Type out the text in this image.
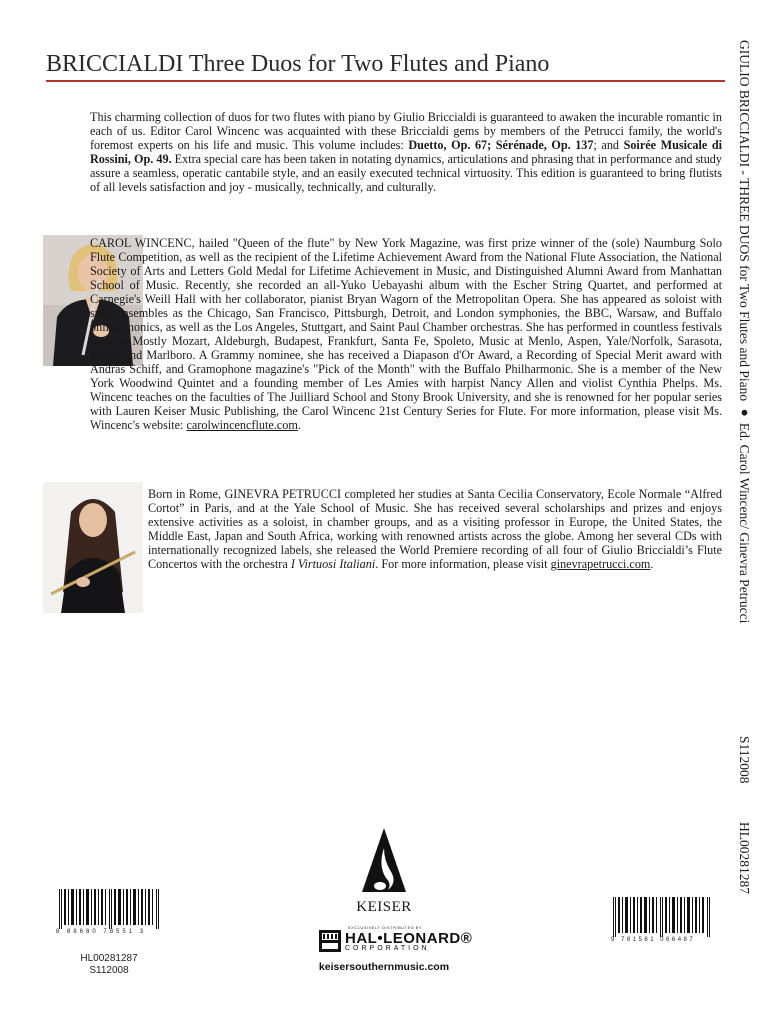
BRICCIALDI Three Duos for Two Flutes and Piano
This charming collection of duos for two flutes with piano by Giulio Briccialdi is guaranteed to awaken the incurable romantic in each of us. Editor Carol Wincenc was acquainted with these Briccialdi gems by members of the Petrucci family, the world's foremost experts on his life and music. This volume includes: Duetto, Op. 67; Sérénade, Op. 137; and Soirée Musicale di Rossini, Op. 49. Extra special care has been taken in notating dynamics, articulations and phrasing that in performance and study assure a seamless, operatic cantabile style, and an easily executed technical virtuosity. This edition is guaranteed to bring flutists of all levels satisfaction and joy - musically, technically, and culturally.
CAROL WINCENC, hailed "Queen of the flute" by New York Magazine, was first prize winner of the (sole) Naumburg Solo Flute Competition, as well as the recipient of the Lifetime Achievement Award from the National Flute Association, the National Society of Arts and Letters Gold Medal for Lifetime Achievement in Music, and Distinguished Alumni Award from Manhattan School of Music. Recently, she recorded an all-Yuko Uebayashi album with the Escher String Quartet, and performed at Carnegie's Weill Hall with her collaborator, pianist Bryan Wagorn of the Metropolitan Opera. She has appeared as soloist with such ensembles as the Chicago, San Francisco, Pittsburgh, Detroit, and London symphonies, the BBC, Warsaw, and Buffalo philharmonics, as well as the Los Angeles, Stuttgart, and Saint Paul Chamber orchestras. She has performed in countless festivals such as Mostly Mozart, Aldeburgh, Budapest, Frankfurt, Santa Fe, Spoleto, Music at Menlo, Aspen, Yale/Norfolk, Sarasota, Banff, and Marlboro. A Grammy nominee, she has received a Diapason d'Or Award, a Recording of Special Merit award with András Schiff, and Gramophone magazine's "Pick of the Month" with the Buffalo Philharmonic. She is a member of the New York Woodwind Quintet and a founding member of Les Amies with harpist Nancy Allen and violist Cynthia Phelps. Ms. Wincenc teaches on the faculties of The Juilliard School and Stony Brook University, and she is renowned for her popular series with Lauren Keiser Music Publishing, the Carol Wincenc 21st Century Series for Flute. For more information, please visit Ms. Wincenc's website: carolwincencflute.com.
Born in Rome, GINEVRA PETRUCCI completed her studies at Santa Cecilia Conservatory, Ecole Normale “Alfred Cortot” in Paris, and at the Yale School of Music. She has received several scholarships and prizes and enjoys extensive activities as a soloist, in chamber groups, and as a visiting professor in Europe, the United States, the Middle East, Japan and South Africa, working with renowned artists across the globe. Among her several CDs with internationally recognized labels, she released the World Premiere recording of all four of Giulio Briccialdi’s Flute Concertos with the orchestra I Virtuosi Italiani. For more information, please visit ginevrapetrucci.com.	GIULIO BRICCIALDI - THREE DUOS for Two Flutes and Piano ● Ed. Carol Wincenc/ Ginevra Petrucci
S112008
HL00281287
8 88680 78551 3
HL00281287
S112008
KEISER
EXCLUSIVELY DISTRIBUTED BY
HAL•LEONARD®
CORPORATION
keisersouthernmusic.com
9 781581 066487
